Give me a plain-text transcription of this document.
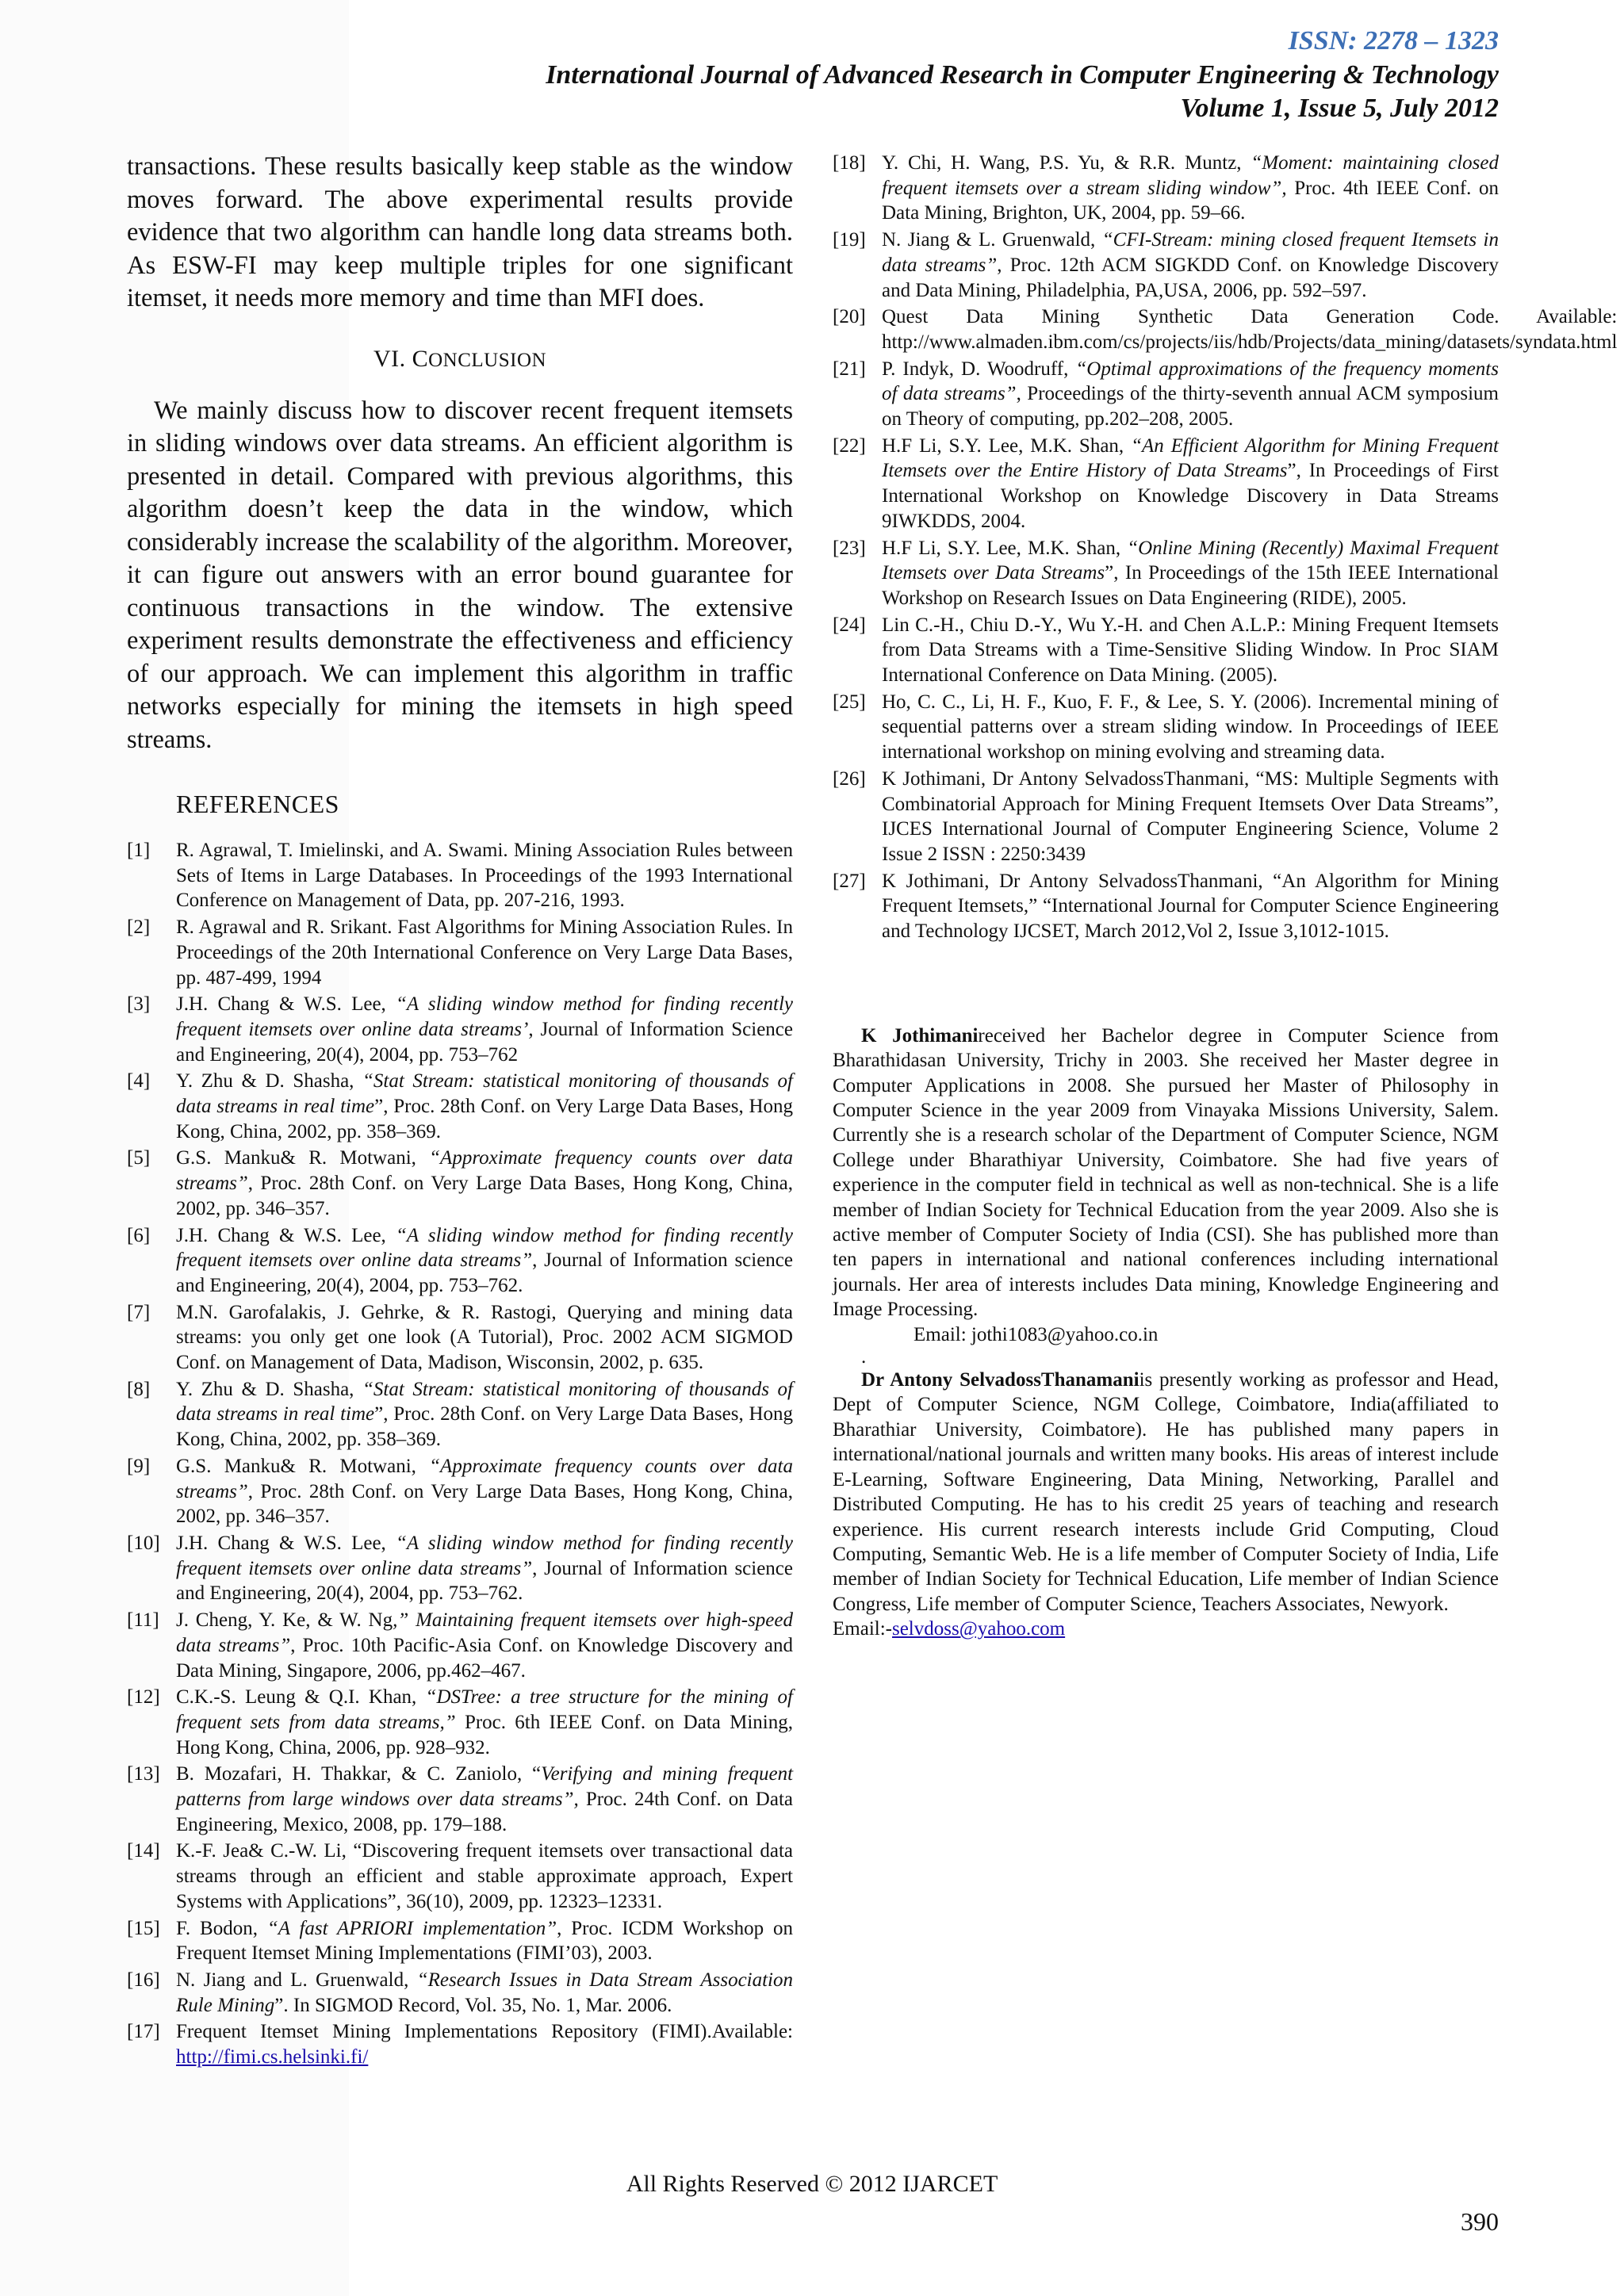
ISSN: 2278 – 1323
International Journal of Advanced Research in Computer Engineering & Technology
Volume 1, Issue 5, July 2012

transactions. These results basically keep stable as the window moves forward. The above experimental results provide evidence that two algorithm can handle long data streams both. As ESW-FI may keep multiple triples for one significant itemset, it needs more memory and time than MFI does.

VI. CONCLUSION

We mainly discuss how to discover recent frequent itemsets in sliding windows over data streams. An efficient algorithm is presented in detail. Compared with previous algorithms, this algorithm doesn’t keep the data in the window, which considerably increase the scalability of the algorithm. Moreover, it can figure out answers with an error bound guarantee for continuous transactions in the window. The extensive experiment results demonstrate the effectiveness and efficiency of our approach. We can implement this algorithm in traffic networks especially for mining the itemsets in high speed streams.

REFERENCES
[1]	R. Agrawal, T. Imielinski, and A. Swami. Mining Association Rules between Sets of Items in Large Databases. In Proceedings of the 1993 International Conference on Management of Data, pp. 207-216, 1993.
[2]	R. Agrawal and R. Srikant. Fast Algorithms for Mining Association Rules. In Proceedings of the 20th International Conference on Very Large Data Bases, pp. 487-499, 1994
[3]	J.H. Chang & W.S. Lee, “A sliding window method for finding recently frequent itemsets over online data streams’, Journal of Information Science and Engineering, 20(4), 2004, pp. 753–762
[4]	Y. Zhu & D. Shasha, “Stat Stream: statistical monitoring of thousands of data streams in real time”, Proc. 28th Conf. on Very Large Data Bases, Hong Kong, China, 2002, pp. 358–369.
[5]	G.S. Manku& R. Motwani, “Approximate frequency counts over data streams”, Proc. 28th Conf. on Very Large Data Bases, Hong Kong, China, 2002, pp. 346–357.
[6]	J.H. Chang & W.S. Lee, “A sliding window method for finding recently frequent itemsets over online data streams”, Journal of Information science and Engineering, 20(4), 2004, pp. 753–762.
[7]	M.N. Garofalakis, J. Gehrke, & R. Rastogi, Querying and mining data streams: you only get one look (A Tutorial), Proc. 2002 ACM SIGMOD Conf. on Management of Data, Madison, Wisconsin, 2002, p. 635.
[8]	Y. Zhu & D. Shasha, “Stat Stream: statistical monitoring of thousands of data streams in real time”, Proc. 28th Conf. on Very Large Data Bases, Hong Kong, China, 2002, pp. 358–369.
[9]	G.S. Manku& R. Motwani, “Approximate frequency counts over data streams”, Proc. 28th Conf. on Very Large Data Bases, Hong Kong, China, 2002, pp. 346–357.
[10] J.H. Chang & W.S. Lee, “A sliding window method for finding recently frequent itemsets over online data streams”, Journal of Information science and Engineering, 20(4), 2004, pp. 753–762.
[11] J. Cheng, Y. Ke, & W. Ng,” Maintaining frequent itemsets over high-speed data streams”, Proc. 10th Pacific-Asia Conf. on Knowledge Discovery and Data Mining, Singapore, 2006, pp.462–467.
[12] C.K.-S. Leung & Q.I. Khan, “DSTree: a tree structure for the mining of frequent sets from data streams,” Proc. 6th IEEE Conf. on Data Mining, Hong Kong, China, 2006, pp. 928–932.
[13] B. Mozafari, H. Thakkar, & C. Zaniolo, “Verifying and mining frequent patterns from large windows over data streams”, Proc. 24th Conf. on Data Engineering, Mexico, 2008, pp. 179–188.
[14] K.-F. Jea& C.-W. Li, “Discovering frequent itemsets over transactional data streams through an efficient and stable approximate approach, Expert Systems with Applications”, 36(10), 2009, pp. 12323–12331.
[15] F. Bodon, “A fast APRIORI implementation”, Proc. ICDM Workshop on Frequent Itemset Mining Implementations (FIMI’03), 2003.
[16] N. Jiang and L. Gruenwald, “Research Issues in Data Stream Association Rule Mining”. In SIGMOD Record, Vol. 35, No. 1, Mar. 2006.
[17] Frequent Itemset Mining Implementations Repository (FIMI).Available: http://fimi.cs.helsinki.fi/
[18] Y. Chi, H. Wang, P.S. Yu, & R.R. Muntz, “Moment: maintaining closed frequent itemsets over a stream sliding window”, Proc. 4th IEEE Conf. on Data Mining, Brighton, UK, 2004, pp. 59–66.
[19] N. Jiang & L. Gruenwald, “CFI-Stream: mining closed frequent Itemsets in data streams”, Proc. 12th ACM SIGKDD Conf. on Knowledge Discovery and Data Mining, Philadelphia, PA,USA, 2006, pp. 592–597.
[20] Quest Data Mining Synthetic Data Generation Code. Available: http://www.almaden.ibm.com/cs/projects/iis/hdb/Projects/data_mining/datasets/syndata.html
[21] P. Indyk, D. Woodruff, “Optimal approximations of the frequency moments of data streams”, Proceedings of the thirty-seventh annual ACM symposium on Theory of computing, pp.202–208, 2005.
[22] H.F Li, S.Y. Lee, M.K. Shan, “An Efficient Algorithm for Mining Frequent Itemsets over the Entire History of Data Streams”, In Proceedings of First International Workshop on Knowledge Discovery in Data Streams 9IWKDDS, 2004.
[23] H.F Li, S.Y. Lee, M.K. Shan, “Online Mining (Recently) Maximal Frequent Itemsets over Data Streams”, In Proceedings of the 15th IEEE International Workshop on Research Issues on Data Engineering (RIDE), 2005.
[24] Lin C.-H., Chiu D.-Y., Wu Y.-H. and Chen A.L.P.: Mining Frequent Itemsets from Data Streams with a Time-Sensitive Sliding Window. In Proc SIAM International Conference on Data Mining. (2005).
[25] Ho, C. C., Li, H. F., Kuo, F. F., & Lee, S. Y. (2006). Incremental mining of sequential patterns over a stream sliding window. In Proceedings of IEEE international workshop on mining evolving and streaming data.
[26] K Jothimani, Dr Antony SelvadossThanmani, “MS: Multiple Segments with Combinatorial Approach for Mining Frequent Itemsets Over Data Streams”, IJCES International Journal of Computer Engineering Science, Volume 2 Issue 2 ISSN : 2250:3439
[27] K Jothimani, Dr Antony SelvadossThanmani, “An Algorithm for Mining Frequent Itemsets,” “International Journal for Computer Science Engineering and Technology IJCSET, March 2012,Vol 2, Issue 3,1012-1015.

K Jothimanireceived her Bachelor degree in Computer Science from Bharathidasan University, Trichy in 2003. She received her Master degree in Computer Applications in 2008. She pursued her Master of Philosophy in Computer Science in the year 2009 from Vinayaka Missions University, Salem. Currently she is a research scholar of the Department of Computer Science, NGM College under Bharathiyar University, Coimbatore. She had five years of experience in the computer field in technical as well as non-technical. She is a life member of Indian Society for Technical Education from the year 2009. Also she is active member of Computer Society of India (CSI). She has published more than ten papers in international and national conferences including international journals. Her area of interests includes Data mining, Knowledge Engineering and Image Processing.

Email: jothi1083@yahoo.co.in

.

Dr Antony SelvadossThanamaniis presently working as professor and Head, Dept of Computer Science, NGM College, Coimbatore, India(affiliated to Bharathiar University, Coimbatore). He has published many papers in international/national journals and written many books. His areas of interest include E-Learning, Software Engineering, Data Mining, Networking, Parallel and Distributed Computing. He has to his credit 25 years of teaching and research experience. His current research interests include Grid Computing, Cloud Computing, Semantic Web. He is a life member of Computer Society of India, Life member of Indian Society for Technical Education, Life member of Indian Science Congress, Life member of Computer Science, Teachers Associates, Newyork.

Email:-selvdoss@yahoo.com

All Rights Reserved © 2012 IJARCET
390
